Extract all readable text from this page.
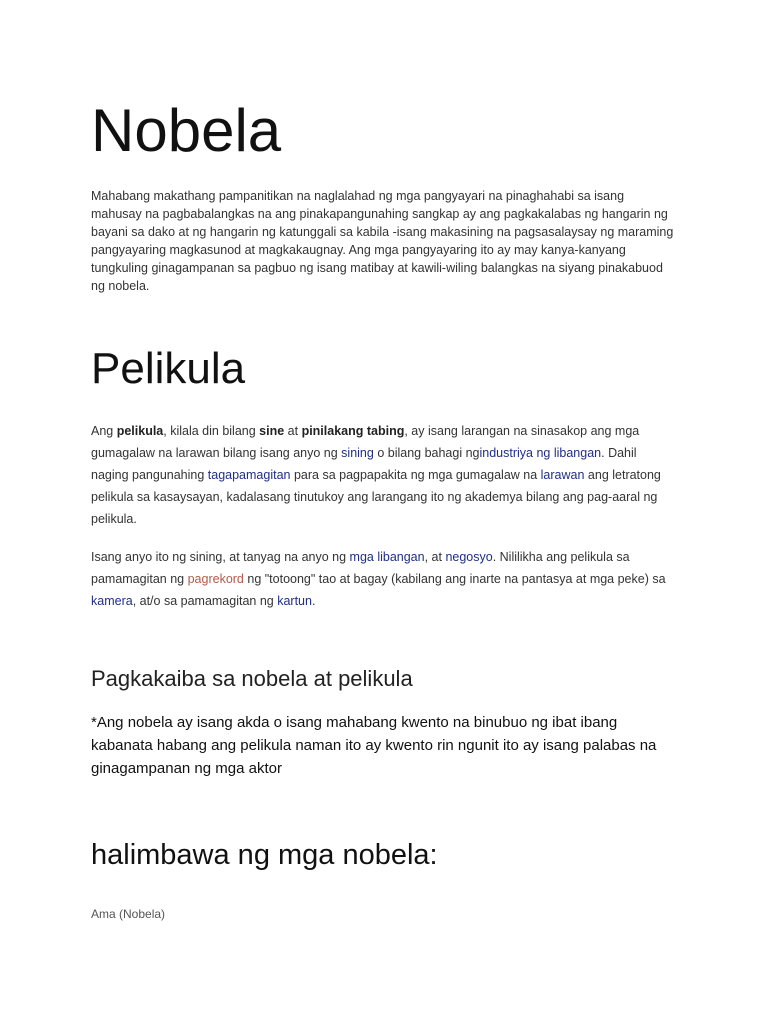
Nobela

Mahabang makathang pampanitikan na naglalahad ng mga pangyayari na pinaghahabi sa isang mahusay na pagbabalangkas na ang pinakapangunahing sangkap ay ang pagkakalabas ng hangarin ng bayani sa dako at ng hangarin ng katunggali sa kabila -isang makasining na pagsasalaysay ng maraming pangyayaring magkasunod at magkakaugnay. Ang mga pangyayaring ito ay may kanya-kanyang tungkuling ginagampanan sa pagbuo ng isang matibay at kawili-wiling balangkas na siyang pinakabuod ng nobela.

Pelikula

Ang pelikula, kilala din bilang sine at pinilakang tabing, ay isang larangan na sinasakop ang mga gumagalaw na larawan bilang isang anyo ng sining o bilang bahagi ngindustriya ng libangan. Dahil naging pangunahing tagapamagitan para sa pagpapakita ng mga gumagalaw na larawan ang letratong pelikula sa kasaysayan, kadalasang tinutukoy ang larangang ito ng akademya bilang ang pag-aaral ng pelikula.

Isang anyo ito ng sining, at tanyag na anyo ng mga libangan, at negosyo. Nililikha ang pelikula sa pamamagitan ng pagrekord ng "totoong" tao at bagay (kabilang ang inarte na pantasya at mga peke) sa kamera, at/o sa pamamagitan ng kartun.

Pagkakaiba sa nobela at pelikula

*Ang nobela ay isang akda o isang mahabang kwento na binubuo ng ibat ibang kabanata habang ang pelikula naman ito ay kwento rin ngunit ito ay isang palabas na ginagampanan ng mga aktor

halimbawa ng mga nobela:

Ama (Nobela)
